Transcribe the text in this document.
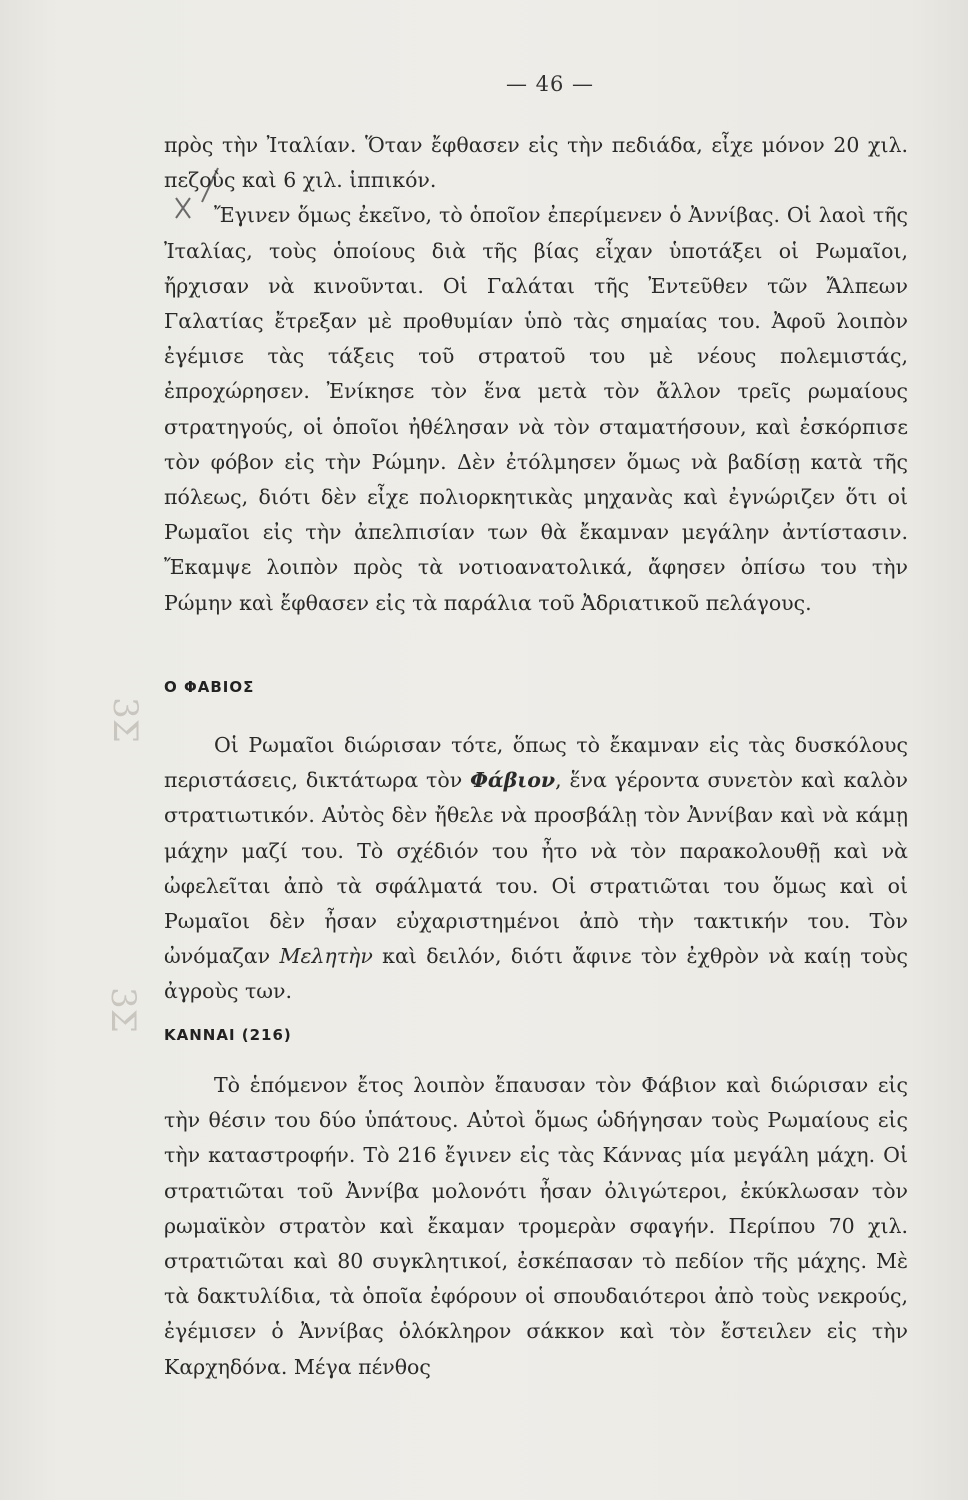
— 46 —

πρὸς τὴν Ἰταλίαν. Ὅταν ἔφθασεν εἰς τὴν πεδιάδα, εἶχε μόνον 20 χιλ. πεζοὺς καὶ 6 χιλ. ἱππικόν.

Ἔγινεν ὅμως ἐκεῖνο, τὸ ὁποῖον ἐπερίμενεν ὁ Ἀννίβας. Οἱ λαοὶ τῆς Ἰταλίας, τοὺς ὁποίους διὰ τῆς βίας εἶχαν ὑποτάξει οἱ Ρωμαῖοι, ἤρχισαν νὰ κινοῦνται. Οἱ Γαλάται τῆς Ἐντεῦθεν τῶν Ἄλπεων Γαλατίας ἔτρεξαν μὲ προθυμίαν ὑπὸ τὰς σημαίας του. Ἀφοῦ λοιπὸν ἐγέμισε τὰς τάξεις τοῦ στρατοῦ του μὲ νέους πολεμιστάς, ἐπροχώρησεν. Ἐνίκησε τὸν ἕνα μετὰ τὸν ἄλλον τρεῖς ρωμαίους στρατηγούς, οἱ ὁποῖοι ἠθέλησαν νὰ τὸν σταματήσουν, καὶ ἐσκόρπισε τὸν φόβον εἰς τὴν Ρώμην. Δὲν ἐτόλμησεν ὅμως νὰ βαδίσῃ κατὰ τῆς πόλεως, διότι δὲν εἶχε πολιορκητικὰς μηχανὰς καὶ ἐγνώριζεν ὅτι οἱ Ρωμαῖοι εἰς τὴν ἀπελπισίαν των θὰ ἔκαμναν μεγάλην ἀντίστασιν. Ἔκαμψε λοιπὸν πρὸς τὰ νοτιοανατολικά, ἄφησεν ὀπίσω του τὴν Ρώμην καὶ ἔφθασεν εἰς τὰ παράλια τοῦ Ἀδριατικοῦ πελάγους.

3Σ
Ο ΦΑΒΙΟΣ

Οἱ Ρωμαῖοι διώρισαν τότε, ὅπως τὸ ἔκαμναν εἰς τὰς δυσκόλους περιστάσεις, δικτάτωρα τὸν Φάβιον, ἕνα γέροντα συνετὸν καὶ καλὸν στρατιωτικόν. Αὐτὸς δὲν ἤθελε νὰ προσβάλῃ τὸν Ἀννίβαν καὶ νὰ κάμῃ μάχην μαζί του. Τὸ σχέδιόν του ἦτο νὰ τὸν παρακολουθῇ καὶ νὰ ὠφελεῖται ἀπὸ τὰ σφάλματά του. Οἱ στρατιῶται του ὅμως καὶ οἱ Ρωμαῖοι δὲν ἦσαν εὐχαριστημένοι ἀπὸ τὴν τακτικήν του. Τὸν ὠνόμαζαν Μελητὴν καὶ δειλόν, διότι ἄφινε τὸν ἐχθρὸν νὰ καίῃ τοὺς ἀγροὺς των.

3Σ
ΚΑΝΝΑΙ (216)

Τὸ ἑπόμενον ἔτος λοιπὸν ἔπαυσαν τὸν Φάβιον καὶ διώρισαν εἰς τὴν θέσιν του δύο ὑπάτους. Αὐτοὶ ὅμως ὡδήγησαν τοὺς Ρωμαίους εἰς τὴν καταστροφήν. Τὸ 216 ἔγινεν εἰς τὰς Κάννας μία μεγάλη μάχη. Οἱ στρατιῶται τοῦ Ἀννίβα μολονότι ἦσαν ὀλιγώτεροι, ἐκύκλωσαν τὸν ρωμαϊκὸν στρατὸν καὶ ἔκαμαν τρομερὰν σφαγήν. Περίπου 70 χιλ. στρατιῶται καὶ 80 συγκλητικοί, ἐσκέπασαν τὸ πεδίον τῆς μάχης. Μὲ τὰ δακτυλίδια, τὰ ὁποῖα ἐφόρουν οἱ σπουδαιότεροι ἀπὸ τοὺς νεκρούς, ἐγέμισεν ὁ Ἀννίβας ὁλόκληρον σάκκον καὶ τὸν ἔστειλεν εἰς τὴν Καρχηδόνα. Μέγα πένθος
